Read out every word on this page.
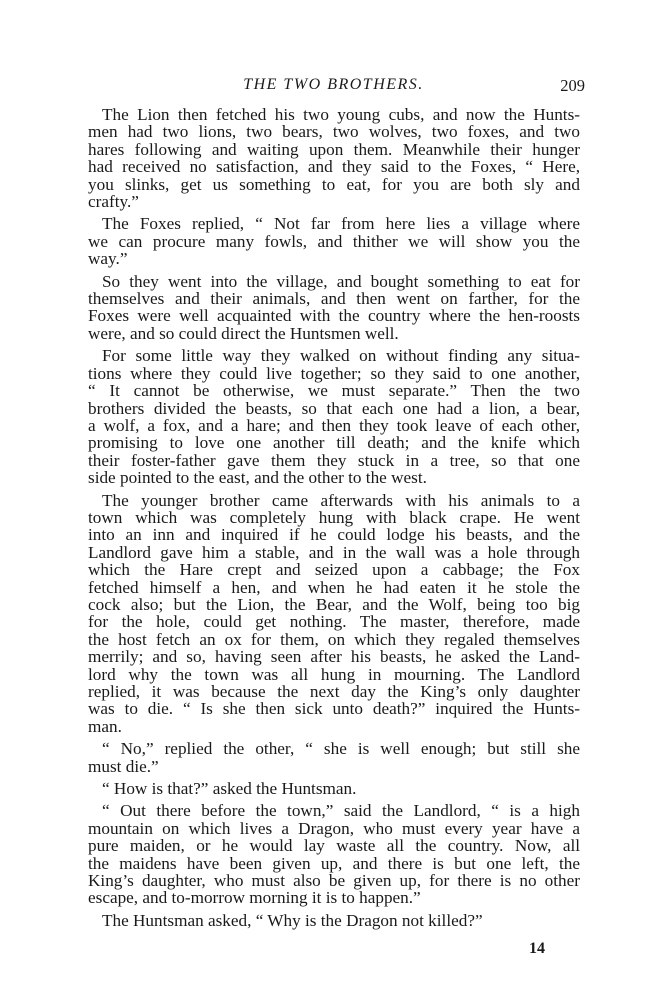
THE TWO BROTHERS.	209
The Lion then fetched his two young cubs, and now the Hunts-
men had two lions, two bears, two wolves, two foxes, and two
hares following and waiting upon them. Meanwhile their hunger
had received no satisfaction, and they said to the Foxes, “ Here,
you slinks, get us something to eat, for you are both sly and
crafty.”
The Foxes replied, “ Not far from here lies a village where
we can procure many fowls, and thither we will show you the
way.”
So they went into the village, and bought something to eat for
themselves and their animals, and then went on farther, for the
Foxes were well acquainted with the country where the hen-roosts
were, and so could direct the Huntsmen well.
For some little way they walked on without finding any situa-
tions where they could live together; so they said to one another,
“ It cannot be otherwise, we must separate.” Then the two
brothers divided the beasts, so that each one had a lion, a bear,
a wolf, a fox, and a hare; and then they took leave of each other,
promising to love one another till death; and the knife which
their foster-father gave them they stuck in a tree, so that one
side pointed to the east, and the other to the west.
The younger brother came afterwards with his animals to a
town which was completely hung with black crape. He went
into an inn and inquired if he could lodge his beasts, and the
Landlord gave him a stable, and in the wall was a hole through
which the Hare crept and seized upon a cabbage; the Fox
fetched himself a hen, and when he had eaten it he stole the
cock also; but the Lion, the Bear, and the Wolf, being too big
for the hole, could get nothing. The master, therefore, made
the host fetch an ox for them, on which they regaled themselves
merrily; and so, having seen after his beasts, he asked the Land-
lord why the town was all hung in mourning. The Landlord
replied, it was because the next day the King’s only daughter
was to die. “ Is she then sick unto death?” inquired the Hunts-
man.
“ No,” replied the other, “ she is well enough; but still she
must die.”
“ How is that?” asked the Huntsman.
“ Out there before the town,” said the Landlord, “ is a high
mountain on which lives a Dragon, who must every year have a
pure maiden, or he would lay waste all the country. Now, all
the maidens have been given up, and there is but one left, the
King’s daughter, who must also be given up, for there is no other
escape, and to-morrow morning it is to happen.”
The Huntsman asked, “ Why is the Dragon not killed?”
14
